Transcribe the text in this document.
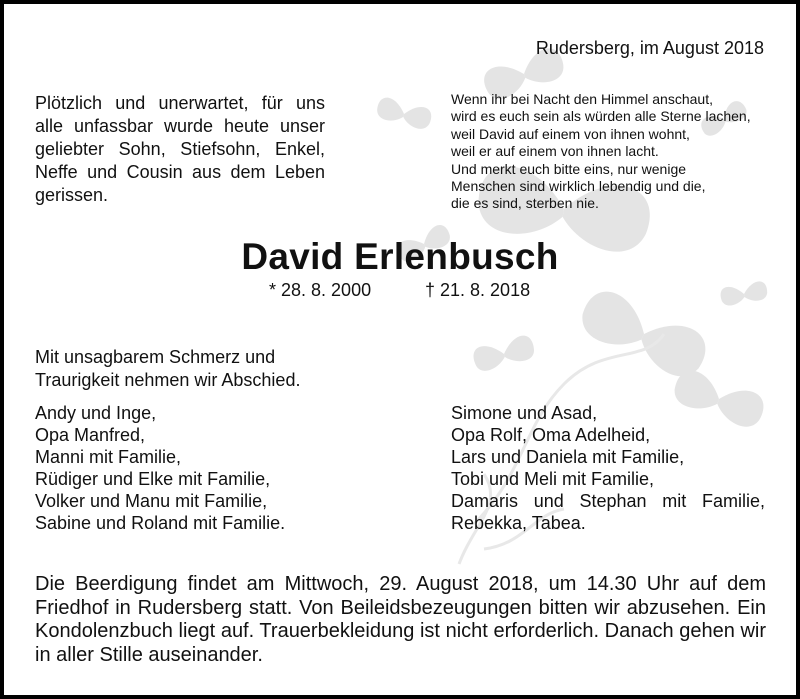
Rudersberg, im August 2018
Plötzlich und unerwartet, für uns alle unfassbar wurde heute unser geliebter Sohn, Stiefsohn, Enkel, Neffe und Cousin aus dem Leben gerissen.
Wenn ihr bei Nacht den Himmel anschaut,
wird es euch sein als würden alle Sterne lachen,
weil David auf einem von ihnen wohnt,
weil er auf einem von ihnen lacht.
Und merkt euch bitte eins, nur wenige
Menschen sind wirklich lebendig und die,
die es sind, sterben nie.
David Erlenbusch
* 28. 8. 2000	† 21. 8. 2018
Mit unsagbarem Schmerz und
Traurigkeit nehmen wir Abschied.
Andy und Inge,
Opa Manfred,
Manni mit Familie,
Rüdiger und Elke mit Familie,
Volker und Manu mit Familie,
Sabine und Roland mit Familie.
Simone und Asad,
Opa Rolf, Oma Adelheid,
Lars und Daniela mit Familie,
Tobi und Meli mit Familie,
Damaris und Stephan mit Familie,
Rebekka, Tabea.
Die Beerdigung findet am Mittwoch, 29. August 2018, um 14.30 Uhr auf dem Friedhof in Rudersberg statt. Von Beileidsbezeugungen bitten wir abzusehen. Ein Kondolenzbuch liegt auf. Trauerbekleidung ist nicht erforderlich. Danach gehen wir in aller Stille auseinander.
